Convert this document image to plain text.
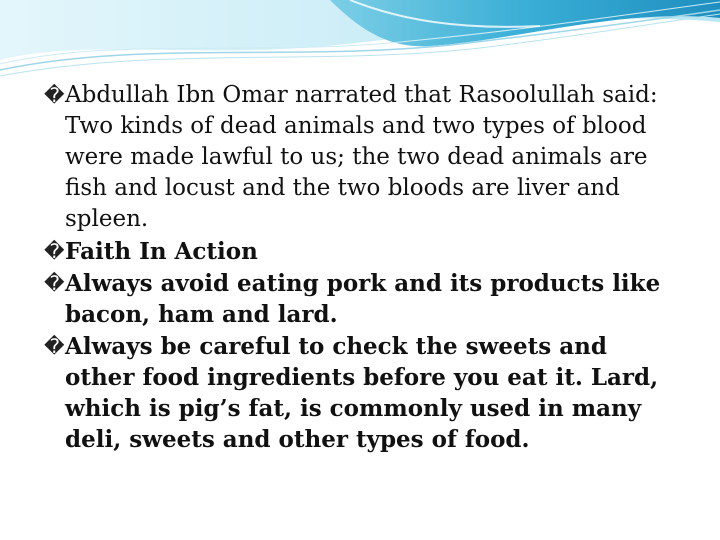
� Abdullah Ibn Omar narrated that Rasoolullah said: Two kinds of dead animals and two types of blood were made lawful to us; the two dead animals are fish and locust and the two bloods are liver and spleen.
� Faith In Action
� Always avoid eating pork and its products like bacon, ham and lard.
� Always be careful to check the sweets and other food ingredients before you eat it. Lard, which is pig’s fat, is commonly used in many deli, sweets and other types of food.
